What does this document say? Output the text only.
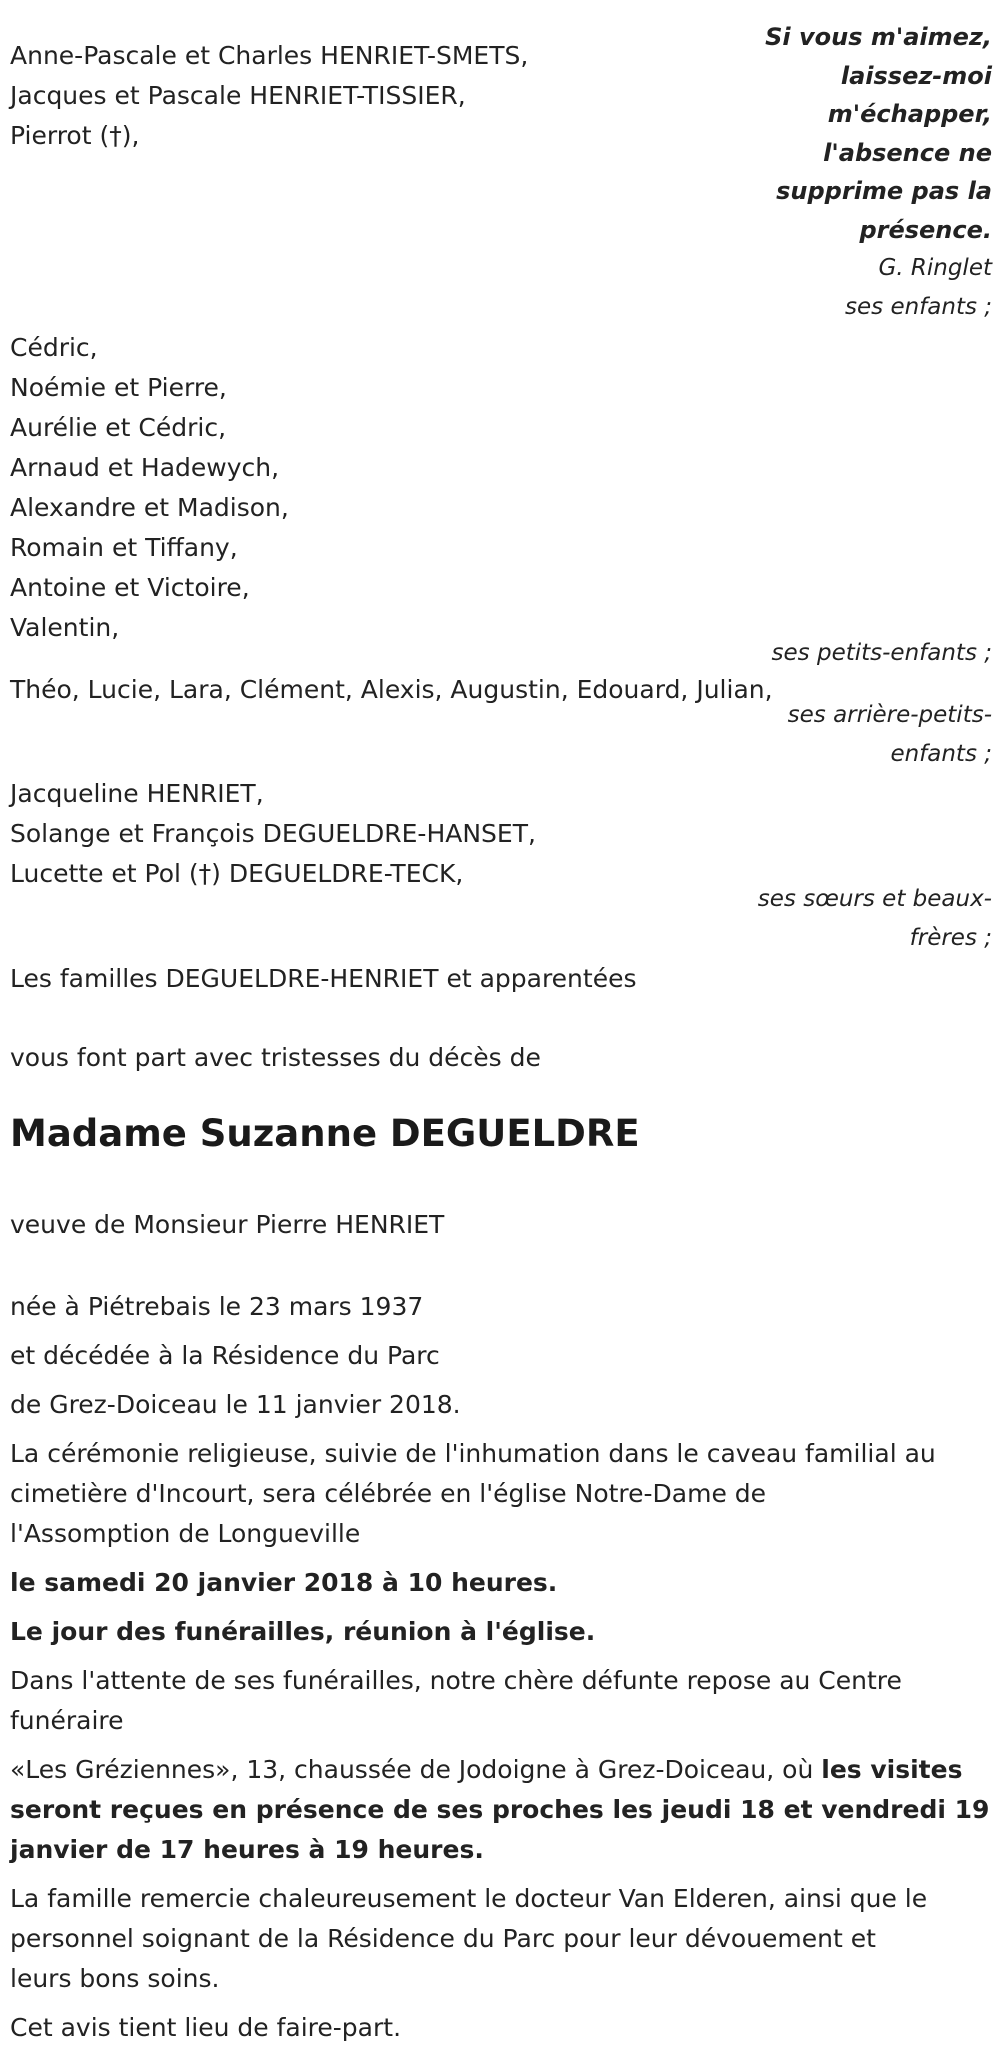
Si vous m'aimez,
laissez-moi
m'échapper,
l'absence ne
supprime pas la
présence.
G. Ringlet
ses enfants ;
Anne-Pascale et Charles HENRIET-SMETS,
Jacques et Pascale HENRIET-TISSIER,
Pierrot (†),
Cédric,
Noémie et Pierre,
Aurélie et Cédric,
Arnaud et Hadewych,
Alexandre et Madison,
Romain et Tiffany,
Antoine et Victoire,
Valentin,
ses petits-enfants ;
Théo, Lucie, Lara, Clément, Alexis, Augustin, Edouard, Julian,
ses arrière-petits-
enfants ;
Jacqueline HENRIET,
Solange et François DEGUELDRE-HANSET,
Lucette et Pol (†) DEGUELDRE-TECK,
ses sœurs et beaux-
frères ;
Les familles DEGUELDRE-HENRIET et apparentées
vous font part avec tristesses du décès de
Madame Suzanne DEGUELDRE
veuve de Monsieur Pierre HENRIET
née à Piétrebais le 23 mars 1937
et décédée à la Résidence du Parc
de Grez-Doiceau le 11 janvier 2018.
La cérémonie religieuse, suivie de l'inhumation dans le caveau familial au
cimetière d'Incourt, sera célébrée en l'église Notre-Dame de
l'Assomption de Longueville
le samedi 20 janvier 2018 à 10 heures.
Le jour des funérailles, réunion à l'église.
Dans l'attente de ses funérailles, notre chère défunte repose au Centre
funéraire
«Les Gréziennes», 13, chaussée de Jodoigne à Grez-Doiceau, où les visites
seront reçues en présence de ses proches les jeudi 18 et vendredi 19
janvier de 17 heures à 19 heures.
La famille remercie chaleureusement le docteur Van Elderen, ainsi que le
personnel soignant de la Résidence du Parc pour leur dévouement et
leurs bons soins.
Cet avis tient lieu de faire-part.
